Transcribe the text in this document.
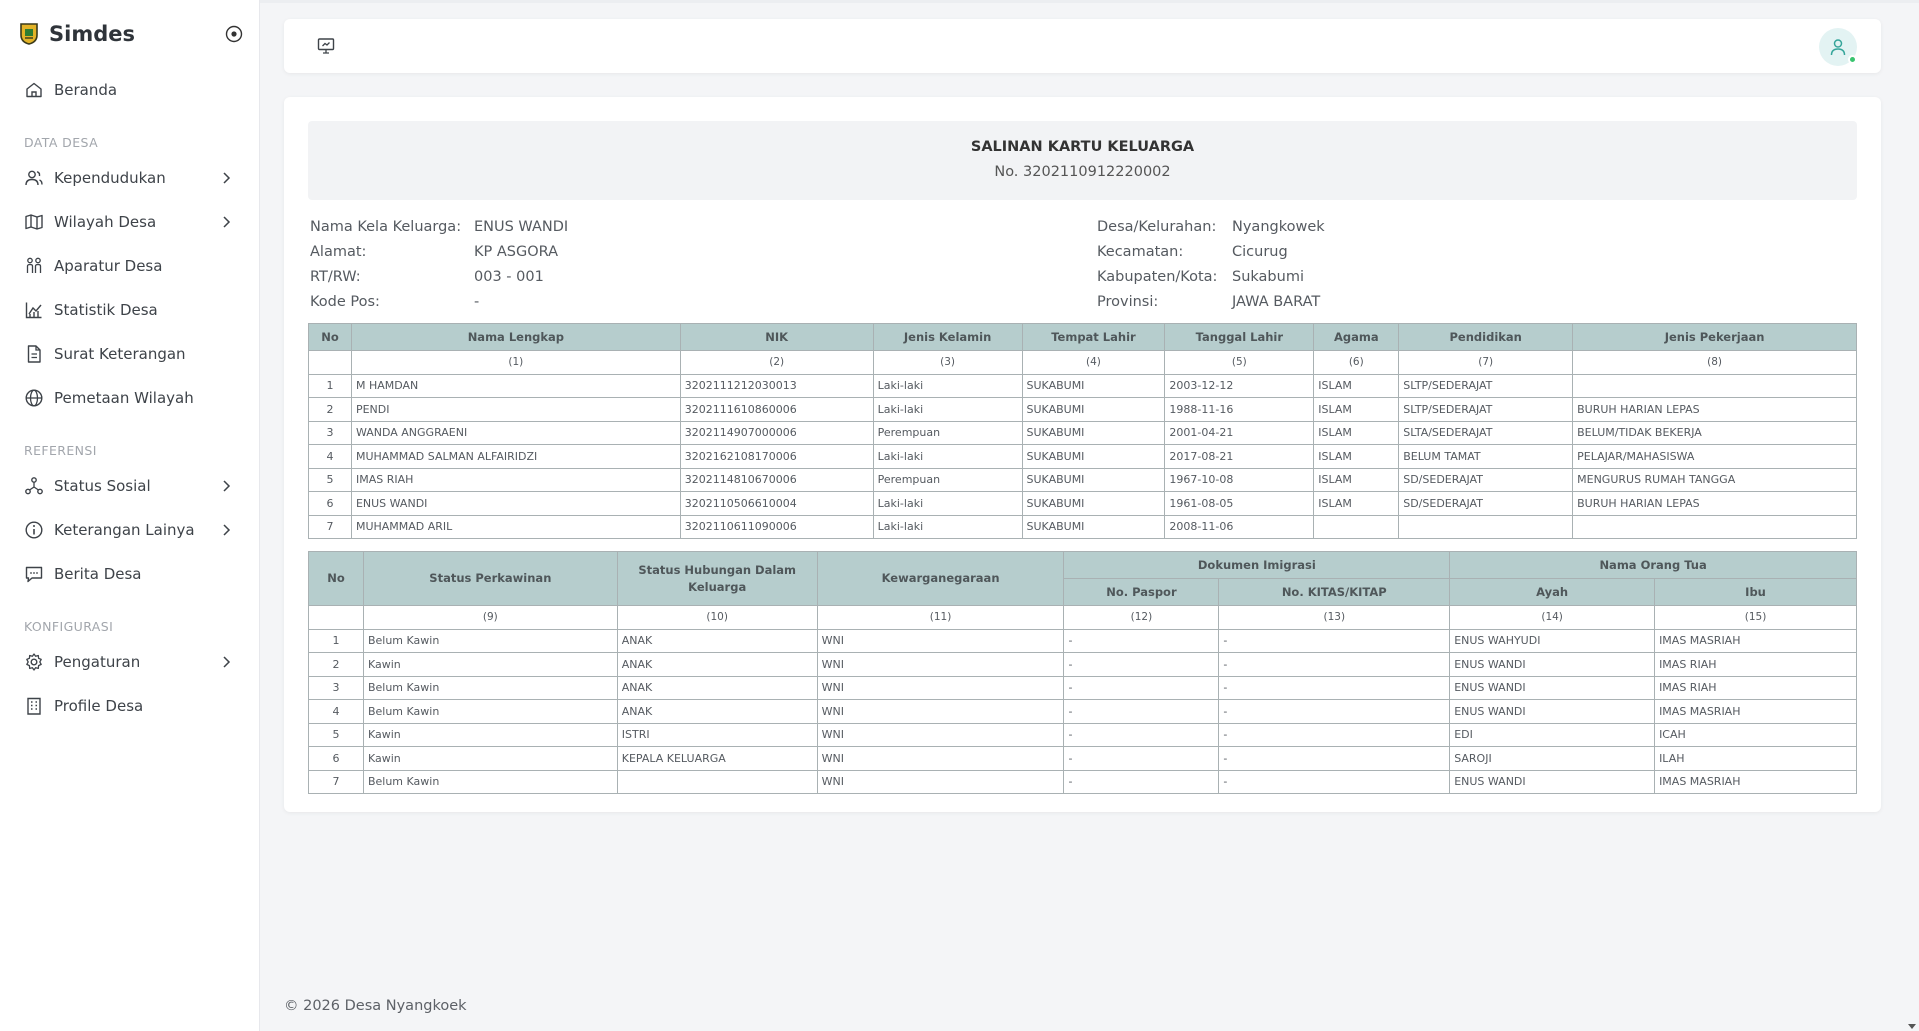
Simdes
Beranda
DATA DESA
Kependudukan
Wilayah Desa
Aparatur Desa
Statistik Desa
Surat Keterangan
Pemetaan Wilayah
REFERENSI
Status Sosial
Keterangan Lainya
Berita Desa
KONFIGURASI
Pengaturan
Profile Desa
SALINAN KARTU KELUARGA
No. 3202110912220002
Nama Kela Keluarga: ENUS WANDI
Alamat:	KP ASGORA
RT/RW:	003 - 001
Kode Pos:	-
Desa/Kelurahan:	Nyangkowek
Kecamatan:	Cicurug
Kabupaten/Kota:	Sukabumi
Provinsi:	JAWA BARAT
No	Nama Lengkap	NIK	Jenis Kelamin	Tempat Lahir	Tanggal Lahir	Agama	Pendidikan	Jenis Pekerjaan
	(1)	(2)	(3)	(4)	(5)	(6)	(7)	(8)
1	M HAMDAN	3202111212030013	Laki-laki	SUKABUMI	2003-12-12	ISLAM	SLTP/SEDERAJAT	
2	PENDI	3202111610860006	Laki-laki	SUKABUMI	1988-11-16	ISLAM	SLTP/SEDERAJAT	BURUH HARIAN LEPAS
3	WANDA ANGGRAENI	3202114907000006	Perempuan	SUKABUMI	2001-04-21	ISLAM	SLTA/SEDERAJAT	BELUM/TIDAK BEKERJA
4	MUHAMMAD SALMAN ALFAIRIDZI	3202162108170006	Laki-laki	SUKABUMI	2017-08-21	ISLAM	BELUM TAMAT	PELAJAR/MAHASISWA
5	IMAS RIAH	3202114810670006	Perempuan	SUKABUMI	1967-10-08	ISLAM	SD/SEDERAJAT	MENGURUS RUMAH TANGGA
6	ENUS WANDI	3202110506610004	Laki-laki	SUKABUMI	1961-08-05	ISLAM	SD/SEDERAJAT	BURUH HARIAN LEPAS
7	MUHAMMAD ARIL	3202110611090006	Laki-laki	SUKABUMI	2008-11-06			
No	Status Perkawinan	Status Hubungan Dalam Keluarga	Kewarganegaraan	Dokumen Imigrasi		Nama Orang Tua	
				No. Paspor	No. KITAS/KITAP	Ayah	Ibu
	(9)	(10)	(11)	(12)	(13)	(14)	(15)
1	Belum Kawin	ANAK	WNI	-	-	ENUS WAHYUDI	IMAS MASRIAH
2	Kawin	ANAK	WNI	-	-	ENUS WANDI	IMAS RIAH
3	Belum Kawin	ANAK	WNI	-	-	ENUS WANDI	IMAS RIAH
4	Belum Kawin	ANAK	WNI	-	-	ENUS WANDI	IMAS MASRIAH
5	Kawin	ISTRI	WNI	-	-	EDI	ICAH
6	Kawin	KEPALA KELUARGA	WNI	-	-	SAROJI	ILAH
7	Belum Kawin		WNI	-	-	ENUS WANDI	IMAS MASRIAH
© 2026 Desa Nyangkoek
